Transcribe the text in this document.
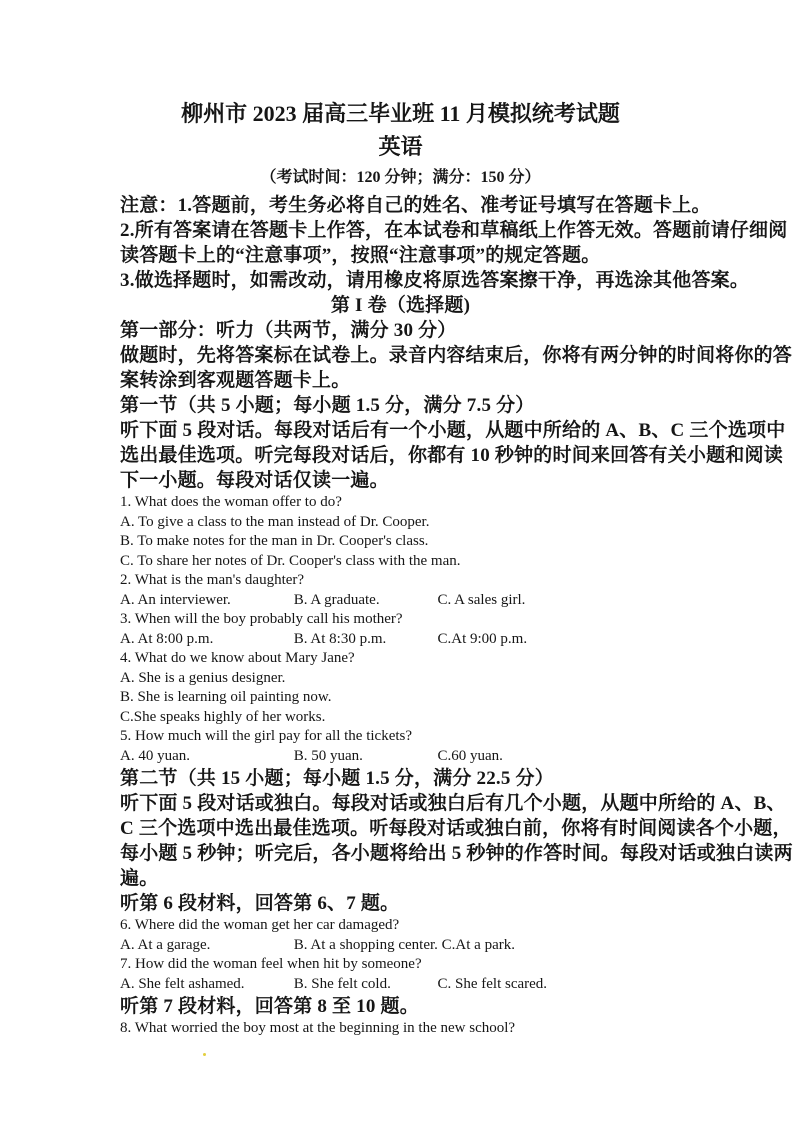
柳州市 2023 届高三毕业班 11 月模拟统考试题
英语
（考试时间：120 分钟；满分：150 分）
注意：1.答题前，考生务必将自己的姓名、准考证号填写在答题卡上。
2.所有答案请在答题卡上作答，在本试卷和草稿纸上作答无效。答题前请仔细阅
读答题卡上的“注意事项”，按照“注意事项”的规定答题。
3.做选择题时，如需改动，请用橡皮将原选答案擦干净，再选涂其他答案。
第 I 卷（选择题)
第一部分：听力（共两节，满分 30 分）
做题时，先将答案标在试卷上。录音内容结束后，你将有两分钟的时间将你的答
案转涂到客观题答题卡上。
第一节（共 5 小题；每小题 1.5 分，满分 7.5 分）
听下面 5 段对话。每段对话后有一个小题，从题中所给的 A、B、C 三个选项中
选出最佳选项。听完每段对话后，你都有 10 秒钟的时间来回答有关小题和阅读
下一小题。每段对话仅读一遍。
1. What does the woman offer to do?
A. To give a class to the man instead of Dr. Cooper.
B. To make notes for the man in Dr. Cooper's class.
C. To share her notes of Dr. Cooper's class with the man.
2. What is the man's daughter?
A. An interviewer.	B. A graduate.	C. A sales girl.
3. When will the boy probably call his mother?
A. At 8:00 p.m.	B. At 8:30 p.m.	C.At 9:00 p.m.
4. What do we know about Mary Jane?
A. She is a genius designer.
B. She is learning oil painting now.
C.She speaks highly of her works.
5. How much will the girl pay for all the tickets?
A. 40 yuan.	B. 50 yuan.	C.60 yuan.
第二节（共 15 小题；每小题 1.5 分，满分 22.5 分）
听下面 5 段对话或独白。每段对话或独白后有几个小题，从题中所给的 A、B、
C 三个选项中选出最佳选项。听每段对话或独白前，你将有时间阅读各个小题，
每小题 5 秒钟；听完后，各小题将给出 5 秒钟的作答时间。每段对话或独白读两
遍。
听第 6 段材料，回答第 6、7 题。
6. Where did the woman get her car damaged?
A. At a garage.	B. At a shopping center. C.At a park.
7. How did the woman feel when hit by someone?
A. She felt ashamed.	B. She felt cold.	C. She felt scared.
听第 7 段材料，回答第 8 至 10 题。
8. What worried the boy most at the beginning in the new school?
